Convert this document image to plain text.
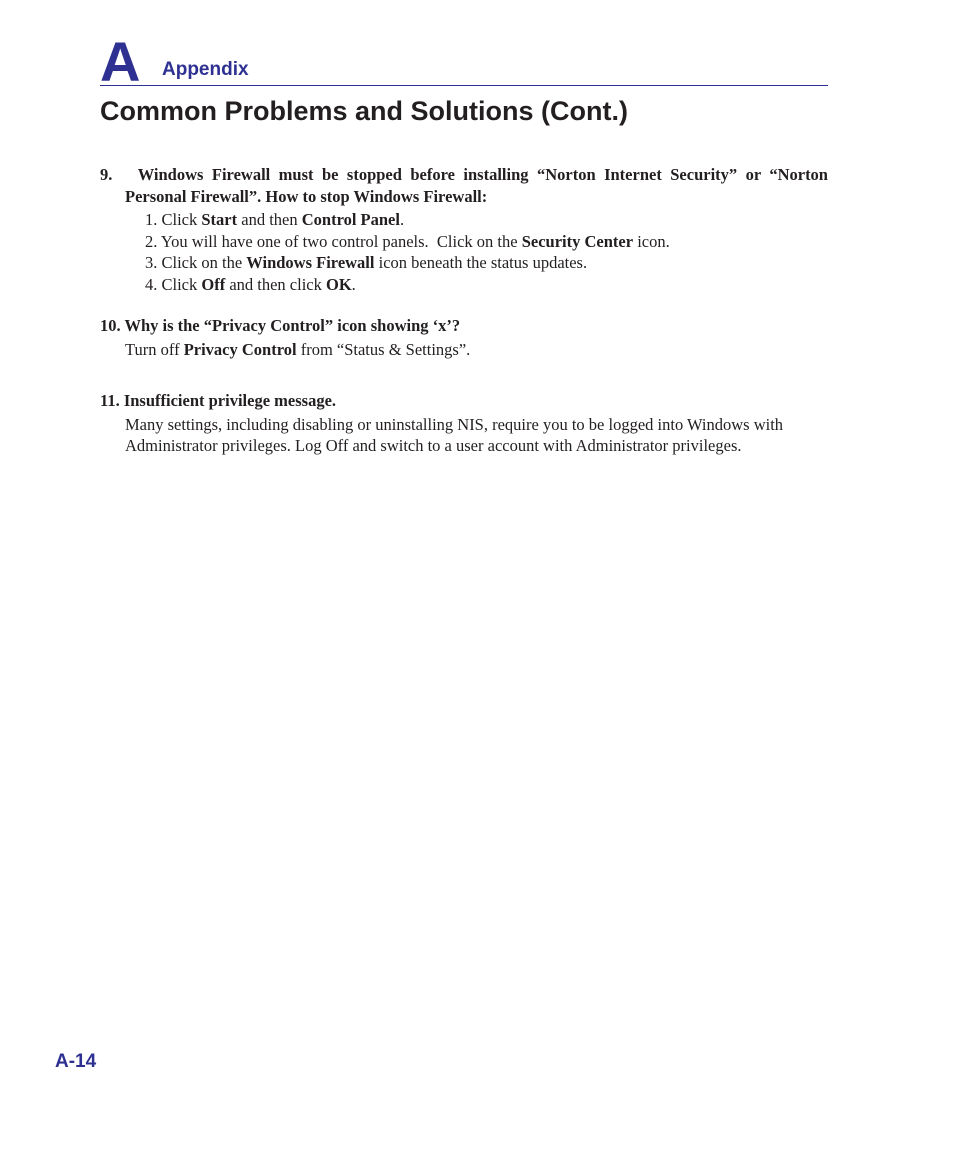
A Appendix
Common Problems and Solutions (Cont.)
9.   Windows Firewall must be stopped before installing “Norton Internet Security” or “Norton Personal Firewall”. How to stop Windows Firewall:
1. Click Start and then Control Panel.
2. You will have one of two control panels.  Click on the Security Center icon.
3. Click on the Windows Firewall icon beneath the status updates.
4. Click Off and then click OK.
10. Why is the “Privacy Control” icon showing ‘x’?
Turn off Privacy Control from “Status & Settings”.
11. Insufficient privilege message.
Many settings, including disabling or uninstalling NIS, require you to be logged into Windows with Administrator privileges. Log Off and switch to a user account with Administrator privileges.
A-14
